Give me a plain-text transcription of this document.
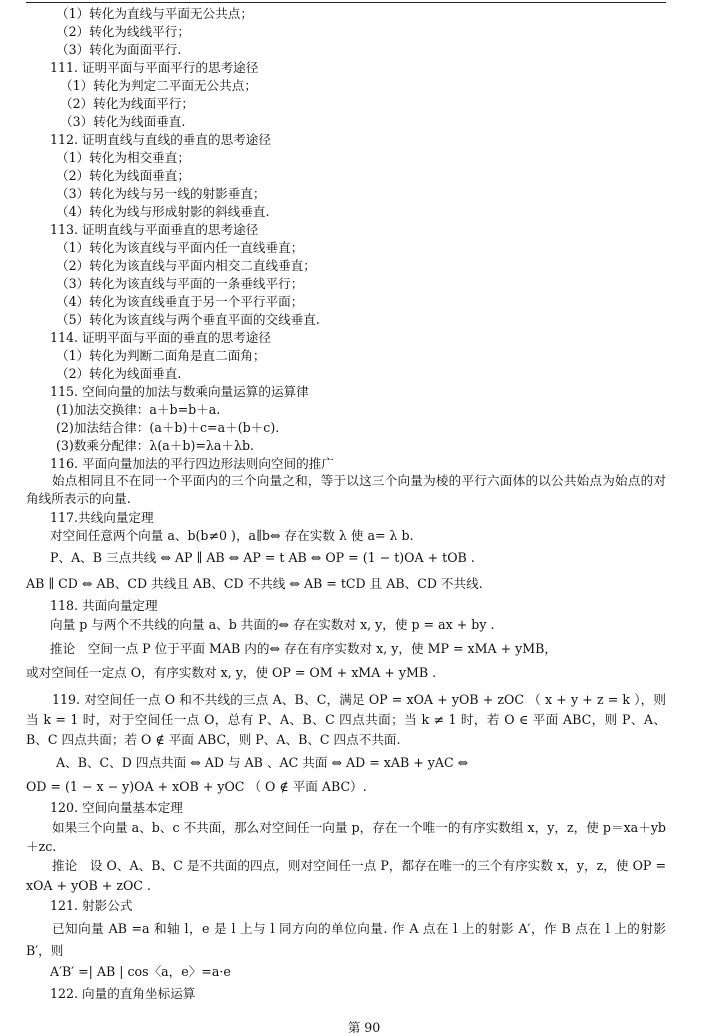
（1）转化为直线与平面无公共点；
（2）转化为线线平行；
（3）转化为面面平行.
111. 证明平面与平面平行的思考途径
（1）转化为判定二平面无公共点；
（2）转化为线面平行；
（3）转化为线面垂直.
112. 证明直线与直线的垂直的思考途径
（1）转化为相交垂直；
（2）转化为线面垂直；
（3）转化为线与另一线的射影垂直；
（4）转化为线与形成射影的斜线垂直.
113. 证明直线与平面垂直的思考途径
（1）转化为该直线与平面内任一直线垂直；
（2）转化为该直线与平面内相交二直线垂直；
（3）转化为该直线与平面的一条垂线平行；
（4）转化为该直线垂直于另一个平行平面；
（5）转化为该直线与两个垂直平面的交线垂直.
114. 证明平面与平面的垂直的思考途径
（1）转化为判断二面角是直二面角；
（2）转化为线面垂直.
115. 空间向量的加法与数乘向量运算的运算律
(1)加法交换律：a＋b=b＋a.
(2)加法结合律：(a＋b)＋c=a＋(b＋c).
(3)数乘分配律：λ(a＋b)=λa＋λb.
116. 平面向量加法的平行四边形法则向空间的推广
始点相同且不在同一个平面内的三个向量之和，等于以这三个向量为棱的平行六面体的以公共始点为始点的对角线所表示的向量.
117.共线向量定理
对空间任意两个向量 a、b(b≠0 )，a∥b⇔ 存在实数 λ 使 a= λ b.
P、A、B 三点共线 ⇔ AP ∥ AB ⇔ AP = t AB ⇔ OP = (1 − t)OA + tOB .
AB ∥ CD ⇔ AB、CD 共线且 AB、CD 不共线 ⇔ AB = tCD 且 AB、CD 不共线.
118. 共面向量定理
向量 p 与两个不共线的向量 a、b 共面的⇔ 存在实数对 x, y，使 p = ax + by .
推论　空间一点 P 位于平面 MAB 内的⇔ 存在有序实数对 x, y，使 MP = xMA + yMB，
或对空间任一定点 O，有序实数对 x, y，使 OP = OM + xMA + yMB .
119. 对空间任一点 O 和不共线的三点 A、B、C，满足 OP = xOA + yOB + zOC （ x + y + z = k ），则当 k = 1 时，对于空间任一点 O，总有 P、A、B、C 四点共面；当 k ≠ 1 时，若 O ∈ 平面 ABC，则 P、A、B、C 四点共面；若 O ∉ 平面 ABC，则 P、A、B、C 四点不共面.
A、B、C、D 四点共面 ⇔ AD 与 AB 、AC 共面 ⇔ AD = xAB + yAC ⇔
OD = (1 − x − y)OA + xOB + yOC （ O ∉ 平面 ABC）.
120. 空间向量基本定理
如果三个向量 a、b、c 不共面，那么对空间任一向量 p，存在一个唯一的有序实数组 x，y，z，使 p＝xa＋yb＋zc.
推论　设 O、A、B、C 是不共面的四点，则对空间任一点 P，都存在唯一的三个有序实数 x，y，z，使 OP = xOA + yOB + zOC .
121. 射影公式
已知向量 AB =a 和轴 l，e 是 l 上与 l 同方向的单位向量. 作 A 点在 l 上的射影 A′，作 B 点在 l 上的射影 B′，则
A′B′ =| AB | cos〈a，e〉=a·e
122. 向量的直角坐标运算
第 90
